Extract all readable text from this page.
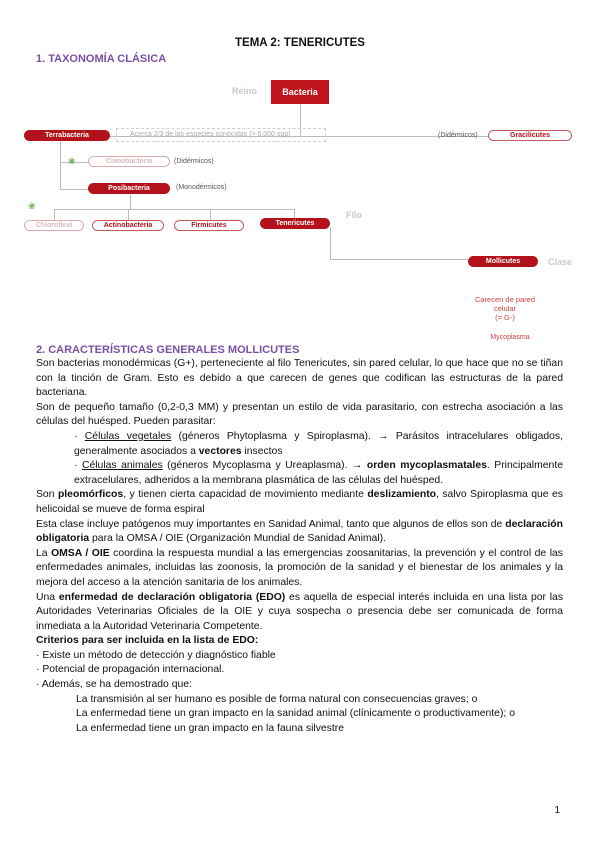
TEMA 2: TENERICUTES
1. TAXONOMÍA CLÁSICA
Reino	Bacteria
Terrabacteria	Acerca 2/3 de las especies conocidas (> 6.000 spp)	(Didérmicos)	Gracilicutes
❀	Cianobacteria	(Didérmicos)
Posibacteria	(Monodérmicos)
❀
Chloroflexi	Actinobacteria	Firmicutes	Tenericutes
Filo
Mollicutes	Clase
Carecen de pared
celular
(= G-)
Mycoplasma
2. CARACTERÍSTICAS GENERALES MOLLICUTES

Son bacterias monodérmicas (G+), perteneciente al filo Tenericutes, sin pared celular, lo que hace que no se tiñan con la tinción de Gram. Esto es debido a que carecen de genes que codifican las estructuras de la pared bacteriana.

Son de pequeño tamaño (0,2-0,3 MM) y presentan un estilo de vida parasitario, con estrecha asociación a las células del huésped. Pueden parasitar:

· Células vegetales (géneros Phytoplasma y Spiroplasma). → Parásitos intracelulares obligados, generalmente asociados a vectores insectos

· Células animales (géneros Mycoplasma y Ureaplasma). → orden mycoplasmatales. Principalmente extracelulares, adheridos a la membrana plasmática de las células del huésped.

Son pleomórficos, y tienen cierta capacidad de movimiento mediante deslizamiento, salvo Spiroplasma que es helicoidal se mueve de forma espiral

Esta clase incluye patógenos muy importantes en Sanidad Animal, tanto que algunos de ellos son de declaración obligatoria para la OMSA / OIE (Organización Mundial de Sanidad Animal).

La OMSA / OIE coordina la respuesta mundial a las emergencias zoosanitarias, la prevención y el control de las enfermedades animales, incluidas las zoonosis, la promoción de la sanidad y el bienestar de los animales y la mejora del acceso a la atención sanitaria de los animales.

Una enfermedad de declaración obligatoria (EDO) es aquella de especial interés incluida en una lista por las Autoridades Veterinarias Oficiales de la OIE y cuya sospecha o presencia debe ser comunicada de forma inmediata a la Autoridad Veterinaria Competente.

Criterios para ser incluida en la lista de EDO:

· Existe un método de detección y diagnóstico fiable

· Potencial de propagación internacional.

· Además, se ha demostrado que:

La transmisión al ser humano es posible de forma natural con consecuencias graves; o

La enfermedad tiene un gran impacto en la sanidad animal (clínicamente o productivamente); o

La enfermedad tiene un gran impacto en la fauna silvestre

1
